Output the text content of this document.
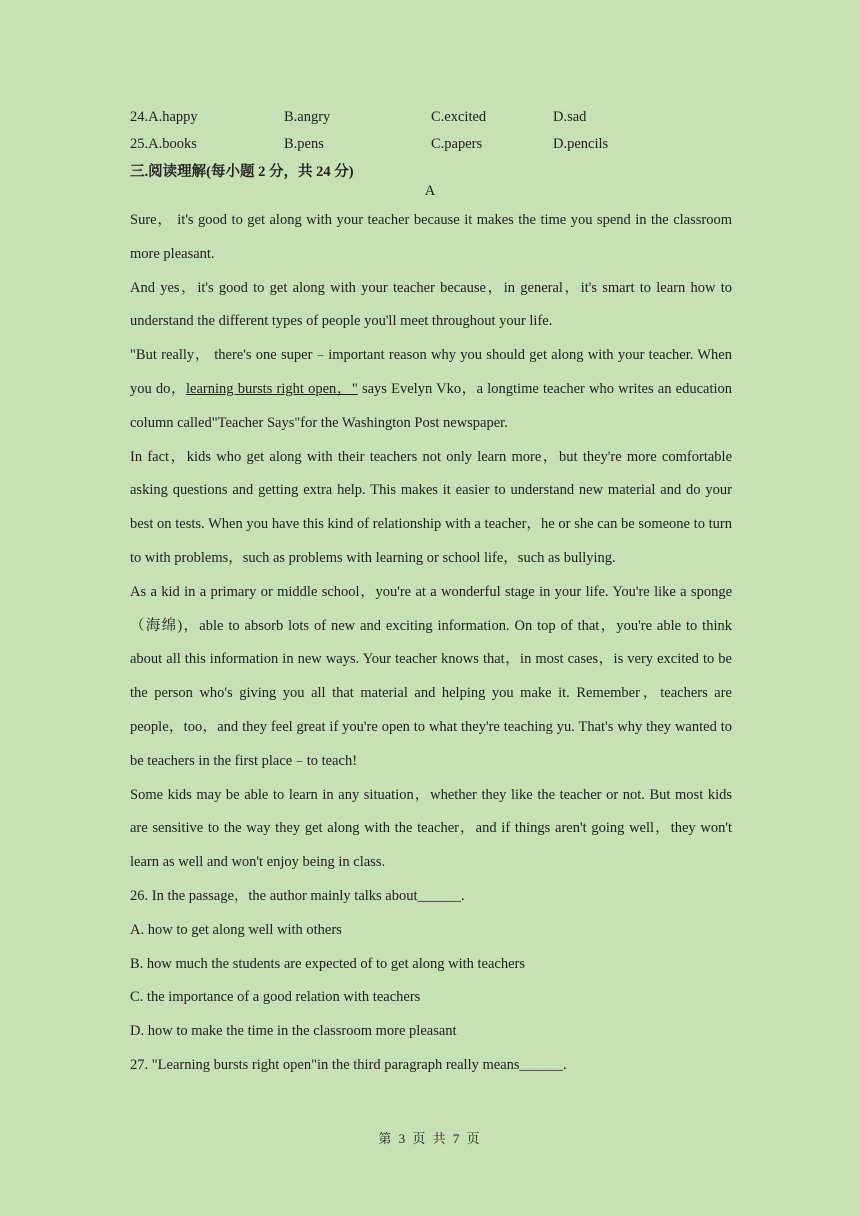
24.A.happy	B.angry	C.excited	D.sad
25.A.books	B.pens	C.papers	D.pencils
三.阅读理解(每小题 2 分，共 24 分)
A

Sure， it's good to get along with your teacher because it makes the time you spend in the classroom more pleasant.

And yes，it's good to get along with your teacher because，in general，it's smart to learn how to understand the different types of people you'll meet throughout your life.

"But really， there's one super﹣important reason why you should get along with your teacher. When you do，learning bursts right open，" says Evelyn Vko，a longtime teacher who writes an education column called"Teacher Says"for the Washington Post newspaper.

In fact，kids who get along with their teachers not only learn more，but they're more comfortable asking questions and getting extra help. This makes it easier to understand new material and do your best on tests. When you have this kind of relationship with a teacher，he or she can be someone to turn to with problems，such as problems with learning or school life，such as bullying.

As a kid in a primary or middle school，you're at a wonderful stage in your life. You're like a sponge （海绵)，able to absorb lots of new and exciting information. On top of that，you're able to think about all this information in new ways. Your teacher knows that，in most cases，is very excited to be the person who's giving you all that material and helping you make it. Remember，teachers are people，too，and they feel great if you're open to what they're teaching yu. That's why they wanted to be teachers in the first place﹣to teach!

Some kids may be able to learn in any situation，whether they like the teacher or not. But most kids are sensitive to the way they get along with the teacher，and if things aren't going well，they won't learn as well and won't enjoy being in class.

26. In the passage，the author mainly talks about______.

A. how to get along well with others

B. how much the students are expected of to get along with teachers

C. the importance of a good relation with teachers

D. how to make the time in the classroom more pleasant

27. "Learning bursts right open"in the third paragraph really means______.

第 3 页 共 7 页
